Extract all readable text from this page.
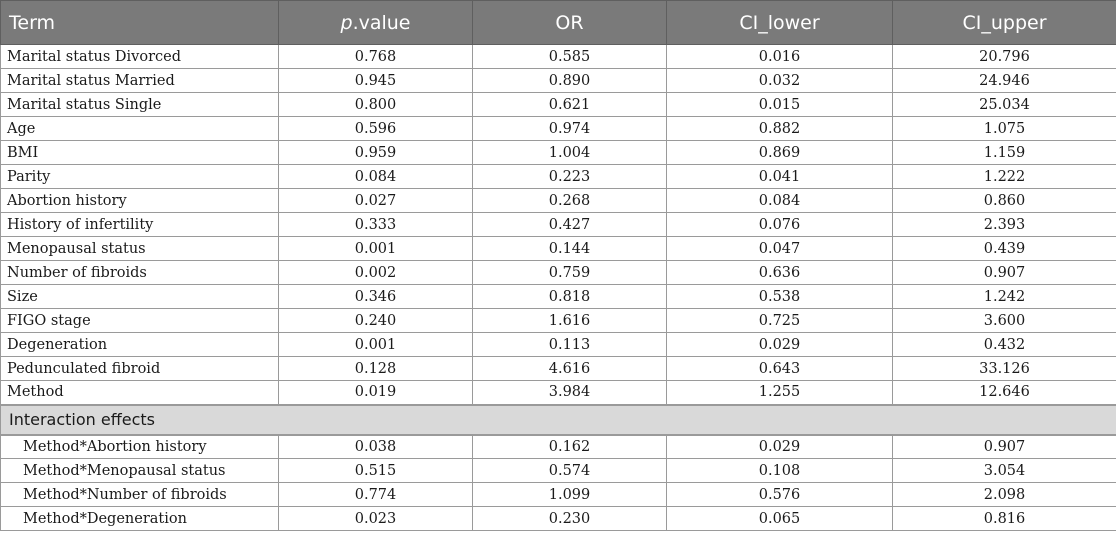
Term	p.value	OR	CI_lower	CI_upper
Marital status Divorced	0.768	0.585	0.016	20.796
Marital status Married	0.945	0.890	0.032	24.946
Marital status Single	0.800	0.621	0.015	25.034
Age	0.596	0.974	0.882	1.075
BMI	0.959	1.004	0.869	1.159
Parity	0.084	0.223	0.041	1.222
Abortion history	0.027	0.268	0.084	0.860
History of infertility	0.333	0.427	0.076	2.393
Menopausal status	0.001	0.144	0.047	0.439
Number of fibroids	0.002	0.759	0.636	0.907
Size	0.346	0.818	0.538	1.242
FIGO stage	0.240	1.616	0.725	3.600
Degeneration	0.001	0.113	0.029	0.432
Pedunculated fibroid	0.128	4.616	0.643	33.126
Method	0.019	3.984	1.255	12.646
Interaction effects				
Method*Abortion history	0.038	0.162	0.029	0.907
Method*Menopausal status	0.515	0.574	0.108	3.054
Method*Number of fibroids	0.774	1.099	0.576	2.098
Method*Degeneration	0.023	0.230	0.065	0.816
